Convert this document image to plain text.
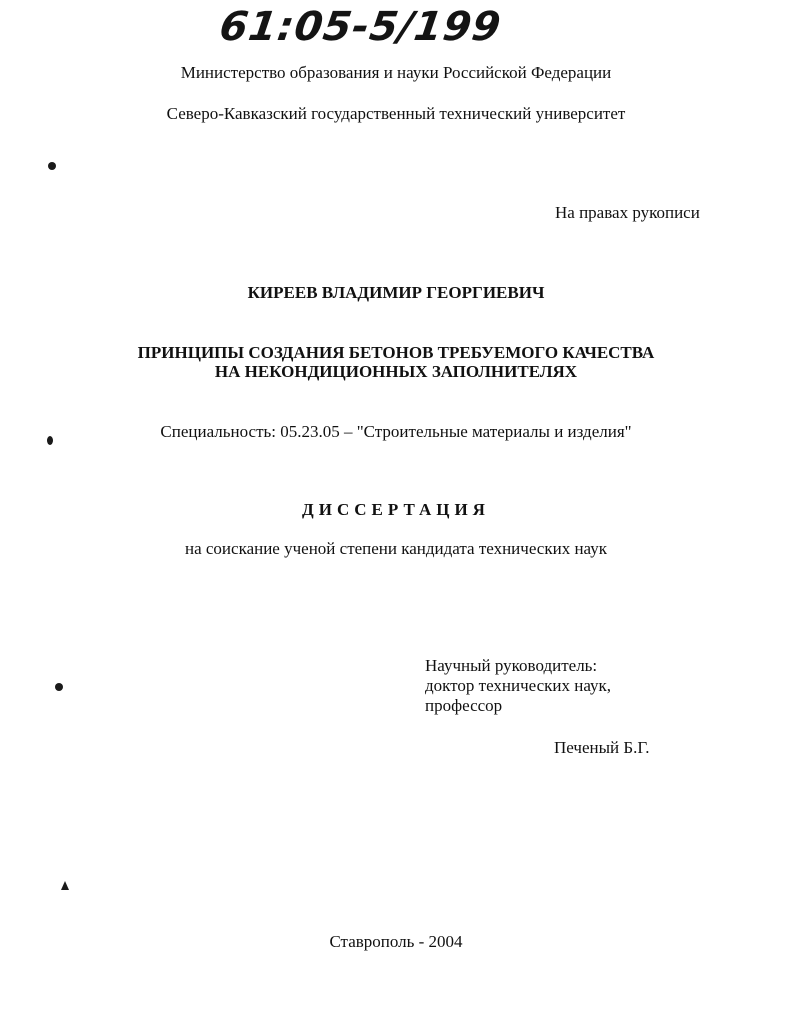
61:05-5/199
Министерство образования и науки Российской Федерации
Северо-Кавказский государственный технический университет
На правах рукописи
КИРЕЕВ ВЛАДИМИР ГЕОРГИЕВИЧ
ПРИНЦИПЫ СОЗДАНИЯ БЕТОНОВ ТРЕБУЕМОГО КАЧЕСТВА
НА НЕКОНДИЦИОННЫХ ЗАПОЛНИТЕЛЯХ
Специальность: 05.23.05 – "Строительные материалы и изделия"
ДИССЕРТАЦИЯ
на соискание ученой степени кандидата технических наук
Научный руководитель:
доктор технических наук,
профессор
Печеный Б.Г.
Ставрополь - 2004
